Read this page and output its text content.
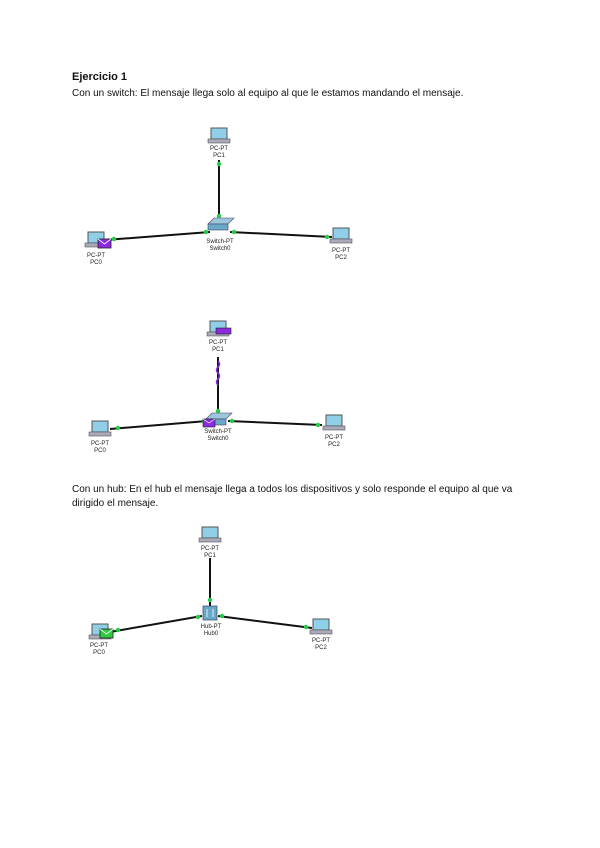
Ejercicio 1
Con un switch: El mensaje llega solo al equipo al que le estamos mandando el mensaje.
PC-PT
PC1
Switch-PT
Switch0
PC-PT
PC0
PC-PT
PC2
PC-PT
PC1
Switch-PT
Switch0
PC-PT
PC0
PC-PT
PC2
Con un hub: En el hub el mensaje llega a todos los dispositivos y solo responde el equipo al que va dirigido el mensaje.
PC-PT
PC1
Hub-PT
Hub0
PC-PT
PC0
PC-PT
PC2
